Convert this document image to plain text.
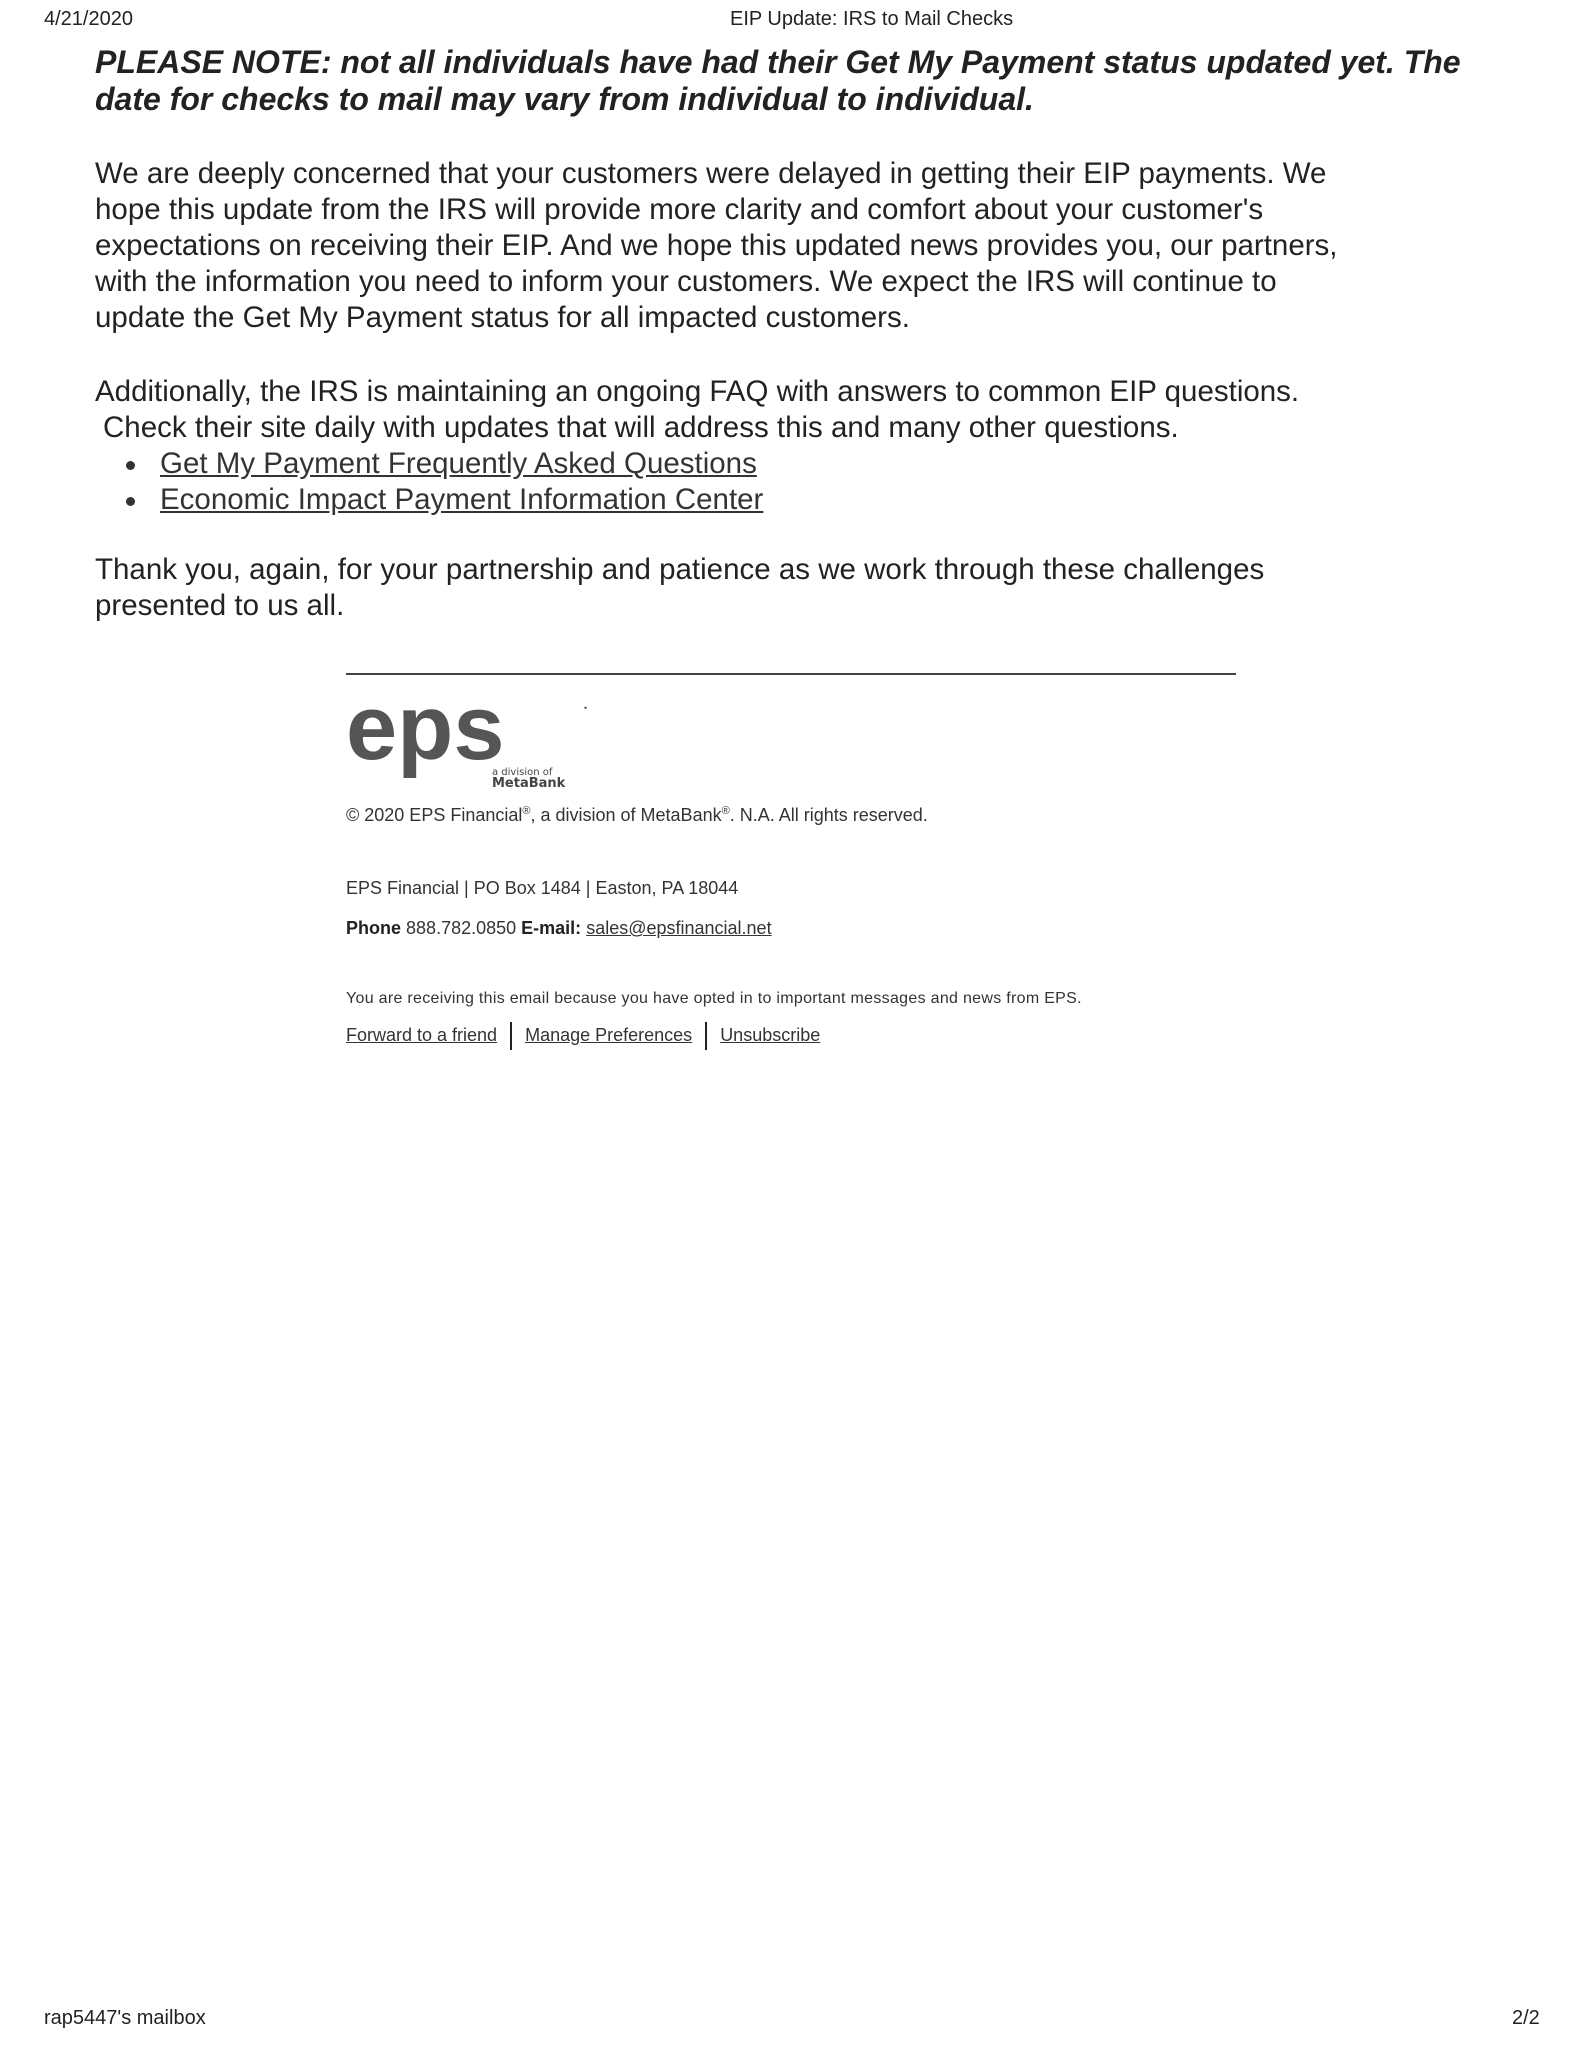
4/21/2020	EIP Update: IRS to Mail Checks

PLEASE NOTE: not all individuals have had their Get My Payment status updated yet. The
date for checks to mail may vary from individual to individual.

We are deeply concerned that your customers were delayed in getting their EIP payments. We
hope this update from the IRS will provide more clarity and comfort about your customer's
expectations on receiving their EIP. And we hope this updated news provides you, our partners,
with the information you need to inform your customers. We expect the IRS will continue to
update the Get My Payment status for all impacted customers.

Additionally, the IRS is maintaining an ongoing FAQ with answers to common EIP questions.
Check their site daily with updates that will address this and many other questions.

Get My Payment Frequently Asked Questions
Economic Impact Payment Information Center

Thank you, again, for your partnership and patience as we work through these challenges
presented to us all.

eps	•
a division of
MetaBank
© 2020 EPS Financial®, a division of MetaBank®. N.A. All rights reserved.
EPS Financial | PO Box 1484 | Easton, PA 18044
Phone 888.782.0850 E-mail: sales@epsfinancial.net
You are receiving this email because you have opted in to important messages and news from EPS.
Forward to a friend Manage Preferences Unsubscribe
rap5447's mailbox	2/2
